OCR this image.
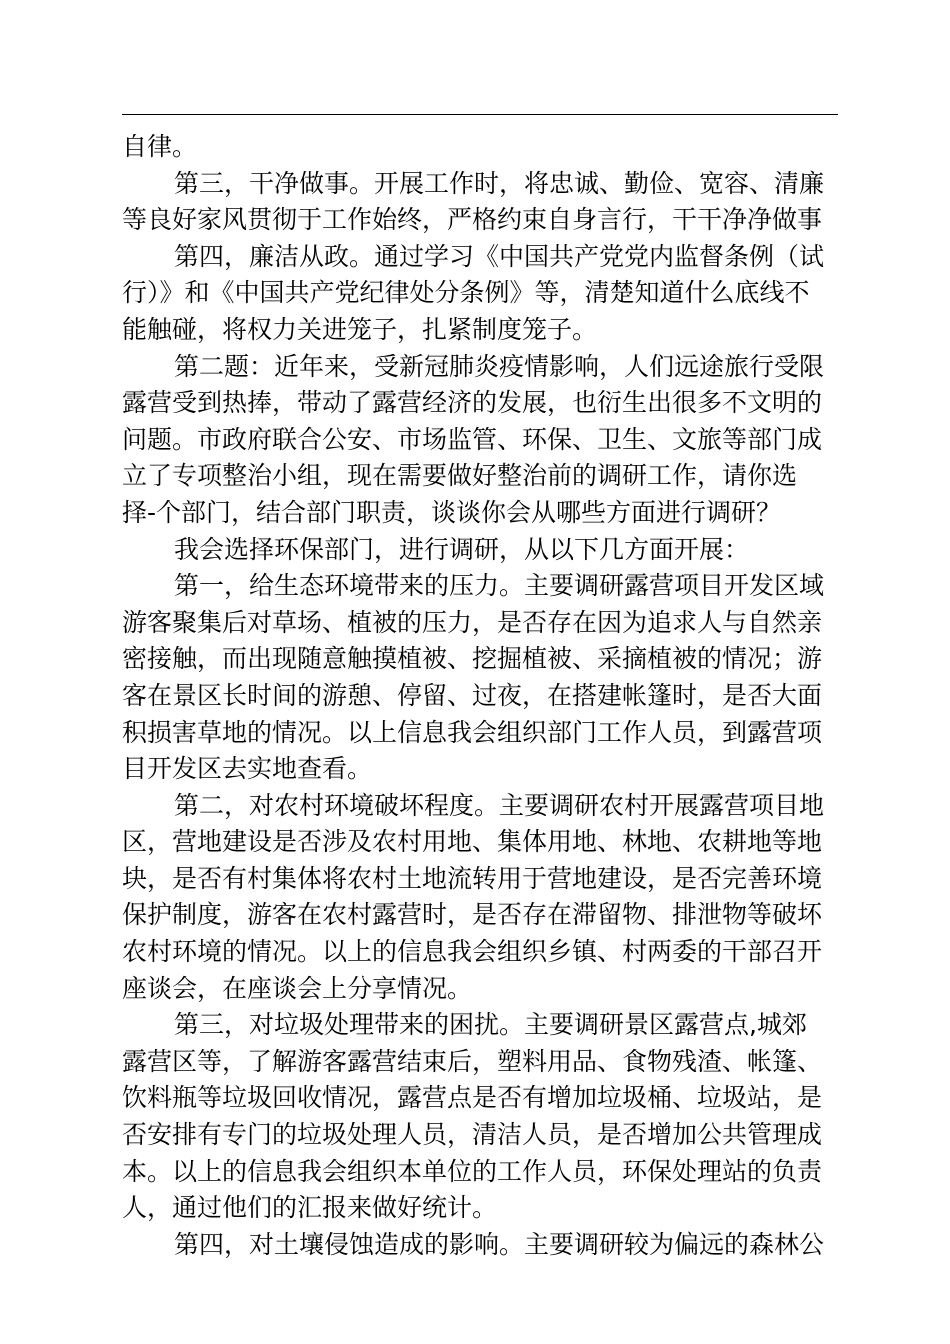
自律。
第三，干净做事。开展工作时，将忠诚、勤俭、宽容、清廉
等良好家风贯彻于工作始终，严格约束自身言行，干干净净做事
第四，廉洁从政。通过学习《中国共产党党内监督条例（试
行）》和《中国共产党纪律处分条例》等，清楚知道什么底线不
能触碰，将权力关进笼子，扎紧制度笼子。
第二题：近年来，受新冠肺炎疫情影响，人们远途旅行受限
露营受到热捧，带动了露营经济的发展，也衍生出很多不文明的
问题。市政府联合公安、市场监管、环保、卫生、文旅等部门成
立了专项整治小组，现在需要做好整治前的调研工作，请你选
择-个部门，结合部门职责，谈谈你会从哪些方面进行调研？
我会选择环保部门，进行调研，从以下几方面开展：
第一，给生态环境带来的压力。主要调研露营项目开发区域
游客聚集后对草场、植被的压力，是否存在因为追求人与自然亲
密接触，而出现随意触摸植被、挖掘植被、采摘植被的情况；游
客在景区长时间的游憩、停留、过夜，在搭建帐篷时，是否大面
积损害草地的情况。以上信息我会组织部门工作人员，到露营项
目开发区去实地查看。
第二，对农村环境破坏程度。主要调研农村开展露营项目地
区，营地建设是否涉及农村用地、集体用地、林地、农耕地等地
块，是否有村集体将农村土地流转用于营地建设，是否完善环境
保护制度，游客在农村露营时，是否存在滞留物、排泄物等破坏
农村环境的情况。以上的信息我会组织乡镇、村两委的干部召开
座谈会，在座谈会上分享情况。
第三，对垃圾处理带来的困扰。主要调研景区露营点,城郊
露营区等，了解游客露营结束后，塑料用品、食物残渣、帐篷、
饮料瓶等垃圾回收情况，露营点是否有增加垃圾桶、垃圾站，是
否安排有专门的垃圾处理人员，清洁人员，是否增加公共管理成
本。以上的信息我会组织本单位的工作人员，环保处理站的负责
人，通过他们的汇报来做好统计。
第四，对土壤侵蚀造成的影响。主要调研较为偏远的森林公
